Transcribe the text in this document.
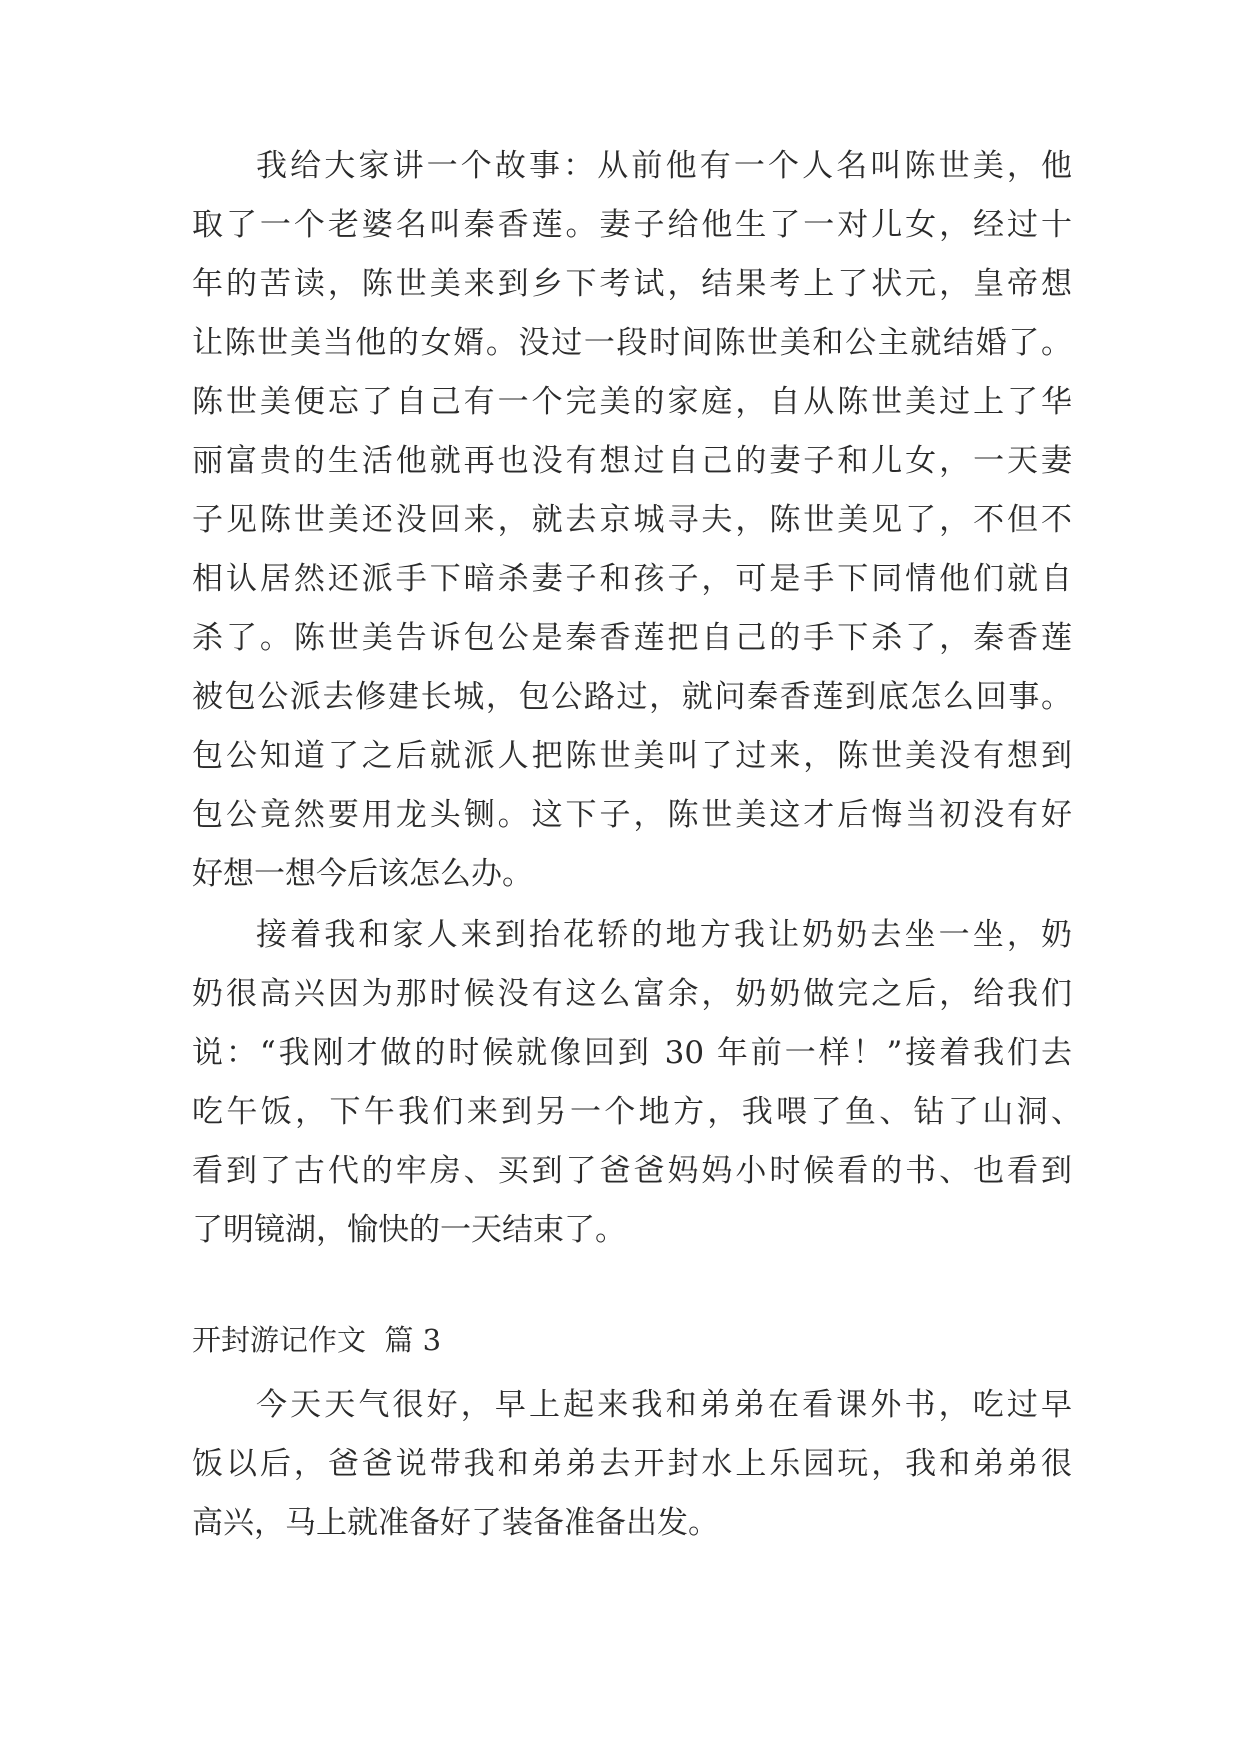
我给大家讲一个故事：从前他有一个人名叫陈世美，他
取了一个老婆名叫秦香莲。妻子给他生了一对儿女，经过十
年的苦读，陈世美来到乡下考试，结果考上了状元，皇帝想
让陈世美当他的女婿。没过一段时间陈世美和公主就结婚了。
陈世美便忘了自己有一个完美的家庭，自从陈世美过上了华
丽富贵的生活他就再也没有想过自己的妻子和儿女，一天妻
子见陈世美还没回来，就去京城寻夫，陈世美见了，不但不
相认居然还派手下暗杀妻子和孩子，可是手下同情他们就自
杀了。陈世美告诉包公是秦香莲把自己的手下杀了，秦香莲
被包公派去修建长城，包公路过，就问秦香莲到底怎么回事。
包公知道了之后就派人把陈世美叫了过来，陈世美没有想到
包公竟然要用龙头铡。这下子，陈世美这才后悔当初没有好
好想一想今后该怎么办。
接着我和家人来到抬花轿的地方我让奶奶去坐一坐，奶
奶很高兴因为那时候没有这么富余，奶奶做完之后，给我们
说：“我刚才做的时候就像回到 30 年前一样！”接着我们去
吃午饭，下午我们来到另一个地方，我喂了鱼、钻了山洞、
看到了古代的牢房、买到了爸爸妈妈小时候看的书、也看到
了明镜湖，愉快的一天结束了。
开封游记作文  篇 3
今天天气很好，早上起来我和弟弟在看课外书，吃过早
饭以后，爸爸说带我和弟弟去开封水上乐园玩，我和弟弟很
高兴，马上就准备好了装备准备出发。
